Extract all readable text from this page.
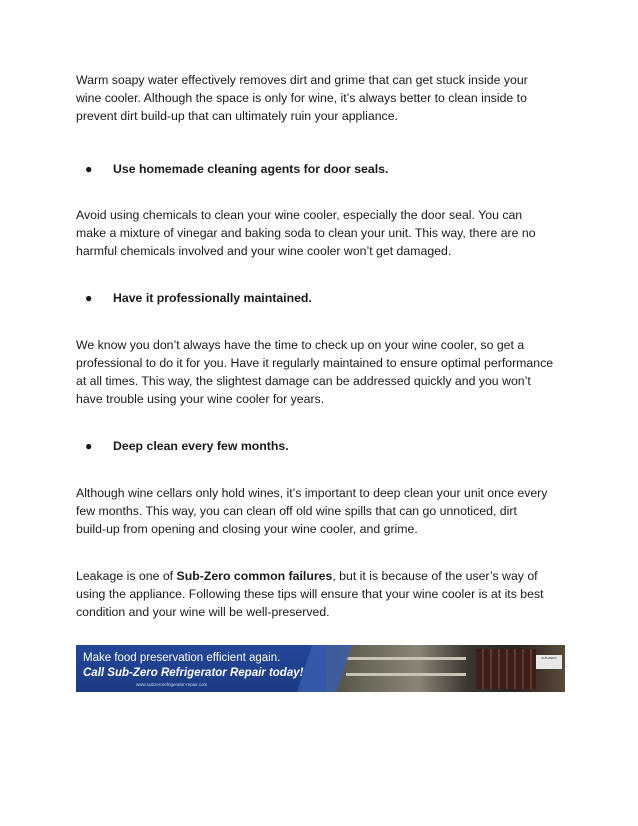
Warm soapy water effectively removes dirt and grime that can get stuck inside your
wine cooler. Although the space is only for wine, it’s always better to clean inside to
prevent dirt build-up that can ultimately ruin your appliance.

● Use homemade cleaning agents for door seals.

Avoid using chemicals to clean your wine cooler, especially the door seal. You can
make a mixture of vinegar and baking soda to clean your unit. This way, there are no
harmful chemicals involved and your wine cooler won’t get damaged.

● Have it professionally maintained.

We know you don’t always have the time to check up on your wine cooler, so get a
professional to do it for you. Have it regularly maintained to ensure optimal performance
at all times. This way, the slightest damage can be addressed quickly and you won’t
have trouble using your wine cooler for years.

● Deep clean every few months.

Although wine cellars only hold wines, it’s important to deep clean your unit once every
few months. This way, you can clean off old wine spills that can go unnoticed, dirt
build-up from opening and closing your wine cooler, and grime.

Leakage is one of Sub-Zero common failures, but it is because of the user’s way of
using the appliance. Following these tips will ensure that your wine cooler is at its best
condition and your wine will be well-preserved.

SUB-ZERO
Make food preservation efficient again.
Call Sub-Zero Refrigerator Repair today!
www.subzerorefrigerator-repair.com
